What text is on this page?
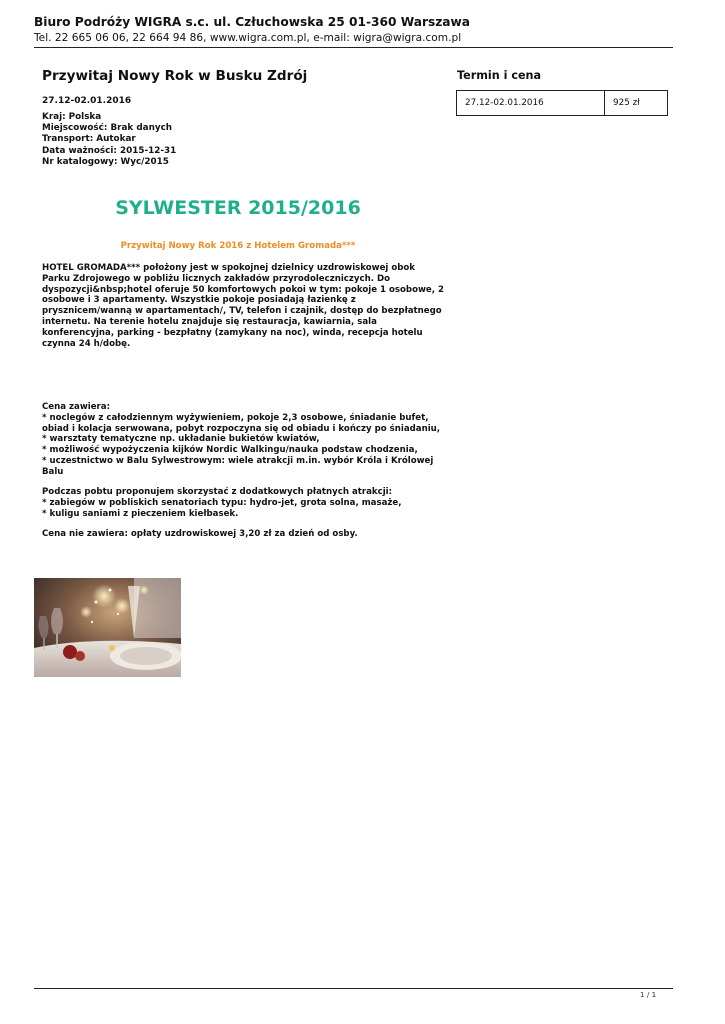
Biuro Podróży WIGRA s.c. ul. Człuchowska 25 01-360 Warszawa
Tel. 22 665 06 06, 22 664 94 86, www.wigra.com.pl, e-mail: wigra@wigra.com.pl
Przywitaj Nowy Rok w Busku Zdrój
27.12-02.01.2016
Kraj: Polska
Miejscowość: Brak danych
Transport: Autokar
Data ważności: 2015-12-31
Nr katalogowy: Wyc/2015
Termin i cena
27.12-02.01.2016	925 zł
SYLWESTER 2015/2016
Przywitaj Nowy Rok 2016 z Hotelem Gromada***
HOTEL GROMADA*** położony jest w spokojnej dzielnicy uzdrowiskowej obok
Parku Zdrojowego w pobliżu licznych zakładów przyrodoleczniczych. Do
dyspozycji&nbsp;hotel oferuje 50 komfortowych pokoi w tym: pokoje 1 osobowe, 2
osobowe i 3 apartamenty. Wszystkie pokoje posiadają łazienkę z
prysznicem/wanną w apartamentach/, TV, telefon i czajnik, dostęp do bezpłatnego
internetu. Na terenie hotelu znajduje się restauracja, kawiarnia, sala
konferencyjna, parking - bezpłatny (zamykany na noc), winda, recepcja hotelu
czynna 24 h/dobę.
Cena zawiera:
* noclegów z całodziennym wyżywieniem, pokoje 2,3 osobowe, śniadanie bufet,
obiad i kolacja serwowana, pobyt rozpoczyna się od obiadu i kończy po śniadaniu,
* warsztaty tematyczne np. układanie bukietów kwiatów,
* możliwość wypożyczenia kijków Nordic Walkingu/nauka podstaw chodzenia,
* uczestnictwo w Balu Sylwestrowym: wiele atrakcji m.in. wybór Króla i Królowej
Balu
Podczas pobtu proponujem skorzystać z dodatkowych płatnych atrakcji:
* zabiegów w pobliskich senatoriach typu: hydro-jet, grota solna, masaże,
* kuligu saniami z pieczeniem kiełbasek.
Cena nie zawiera: opłaty uzdrowiskowej 3,20 zł za dzień od osby.
1 / 1
